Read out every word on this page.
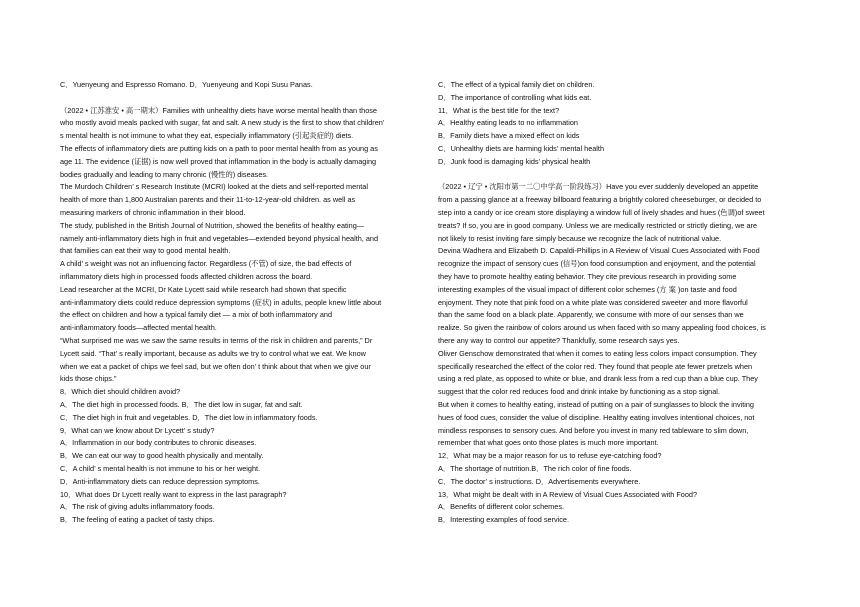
C．Yuenyeung and Espresso Romano. D．Yuenyeung and Kopi Susu Panas.
（2022 • 江苏淮安 • 高一期末）Families with unhealthy diets have worse mental health than those
who mostly avoid meals packed with sugar, fat and salt. A new study is the first to show that children’
s mental health is not immune to what they eat, especially inflammatory (引起炎症的) diets.
The effects of inflammatory diets are putting kids on a path to poor mental health from as young as
age 11. The evidence (证据) is now well proved that inflammation in the body is actually damaging
bodies gradually and leading to many chronic (慢性的) diseases.
The Murdoch Children’ s Research Institute (MCRI) looked at the diets and self-reported mental
health of more than 1,800 Australian parents and their 11-to-12-year-old children. as well as
measuring markers of chronic inflammation in their blood.
The study, published in the British Journal of Nutrition, showed the benefits of healthy eating—
namely anti-inflammatory diets high in fruit and vegetables—extended beyond physical health, and
that families can eat their way to good mental health.
A child’ s weight was not an influencing factor. Regardless (不管) of size, the bad effects of
inflammatory diets high in processed foods affected children across the board.
Lead researcher at the MCRI, Dr Kate Lycett said while research had shown that specific
anti-inflammatory diets could reduce depression symptoms (症状) in adults, people knew little about
the effect on children and how a typical family diet — a mix of both inflammatory and
anti-inflammatory foods—affected mental health.
“What surprised me was we saw the same results in terms of the risk in children and parents,” Dr
Lycett said. “That’ s really important, because as adults we try to control what we eat. We know
when we eat a packet of chips we feel sad, but we often don’ t think about that when we give our
kids those chips.”
8．Which diet should children avoid?
A．The diet high in processed foods. B．The diet low in sugar, fat and salt.
C．The diet high in fruit and vegetables. D．The diet low in inflammatory foods.
9．What can we know about Dr Lycett’ s study?
A．Inflammation in our body contributes to chronic diseases.
B．We can eat our way to good health physically and mentally.
C．A child’ s mental health is not immune to his or her weight.
D．Anti-inflammatory diets can reduce depression symptoms.
10．What does Dr Lycett really want to express in the last paragraph?
A．The risk of giving adults inflammatory foods.
B．The feeling of eating a packet of tasty chips.
C．The effect of a typical family diet on children.
D．The importance of controlling what kids eat.
11．What is the best title for the text?
A．Healthy eating leads to no inflammation
B．Family diets have a mixed effect on kids
C．Unhealthy diets are harming kids’ mental health
D．Junk food is damaging kids’ physical health
（2022 • 辽宁 • 沈阳市第一二〇中学高一阶段练习）Have you ever suddenly developed an appetite
from a passing glance at a freeway billboard featuring a brightly colored cheeseburger, or decided to
step into a candy or ice cream store displaying a window full of lively shades and hues (色调)of sweet
treats? If so, you are in good company. Unless we are medically restricted or strictly dieting, we are
not likely to resist inviting fare simply because we recognize the lack of nutritional value.
Devina Wadhera and Elizabeth D. Capaldi-Phillips in A Review of Visual Cues Associated with Food
recognize the impact of sensory cues (信号)on food consumption and enjoyment, and the potential
they have to promote healthy eating behavior. They cite previous research in providing some
interesting examples of the visual impact of different color schemes (方 案 )on taste and food
enjoyment. They note that pink food on a white plate was considered sweeter and more flavorful
than the same food on a black plate. Apparently, we consume with more of our senses than we
realize. So given the rainbow of colors around us when faced with so many appealing food choices, is
there any way to control our appetite? Thankfully, some research says yes.
Oliver Genschow demonstrated that when it comes to eating less colors impact consumption. They
specifically researched the effect of the color red. They found that people ate fewer pretzels when
using a red plate, as opposed to white or blue, and drank less from a red cup than a blue cup. They
suggest that the color red reduces food and drink intake by functioning as a stop signal.
But when it comes to healthy eating, instead of putting on a pair of sunglasses to block the inviting
hues of food cues, consider the value of discipline. Healthy eating involves intentional choices, not
mindless responses to sensory cues. And before you invest in many red tableware to slim down,
remember that what goes onto those plates is much more important.
12．What may be a major reason for us to refuse eye-catching food?
A．The shortage of nutrition.B．The rich color of fine foods.
C．The doctor’ s instructions. D．Advertisements everywhere.
13．What might be dealt with in A Review of Visual Cues Associated with Food?
A．Benefits of different color schemes.
B．Interesting examples of food service.
